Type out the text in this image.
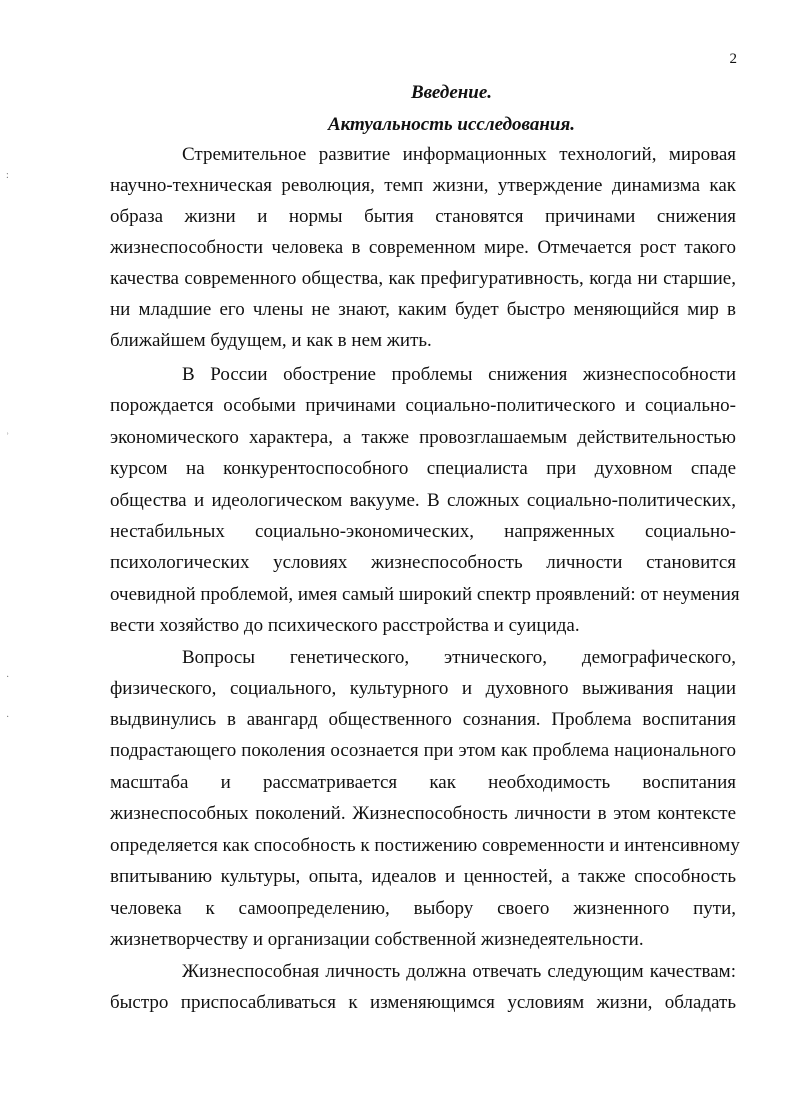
2
Введение.
Актуальность исследования.
Стремительное развитие информационных технологий, мировая
научно-техническая революция, темп жизни, утверждение динамизма как
образа жизни и нормы бытия становятся причинами снижения
жизнеспособности человека в современном мире. Отмечается рост такого
качества современного общества, как префигуративность, когда ни старшие,
ни младшие его члены не знают, каким будет быстро меняющийся мир в
ближайшем будущем, и как в нем жить.
В России обострение проблемы снижения жизнеспособности
порождается особыми причинами социально-политического и социально-
экономического характера, а также провозглашаемым действительностью
курсом на конкурентоспособного специалиста при духовном спаде
общества и идеологическом вакууме. В сложных социально-политических,
нестабильных социально-экономических, напряженных социально-
психологических условиях жизнеспособность личности становится
очевидной проблемой, имея самый широкий спектр проявлений: от неумения
вести хозяйство до психического расстройства и суицида.
Вопросы генетического, этнического, демографического,
физического, социального, культурного и духовного выживания нации
выдвинулись в авангард общественного сознания. Проблема воспитания
подрастающего поколения осознается при этом как проблема национального
масштаба и рассматривается как необходимость воспитания
жизнеспособных поколений. Жизнеспособность личности в этом контексте
определяется как способность к постижению современности и интенсивному
впитыванию культуры, опыта, идеалов и ценностей, а также способность
человека к самоопределению, выбору своего жизненного пути,
жизнетворчеству и организации собственной жизнедеятельности.
Жизнеспособная личность должна отвечать следующим качествам:
быстро приспосабливаться к изменяющимся условиям жизни, обладать
:
ʾ
·
·
